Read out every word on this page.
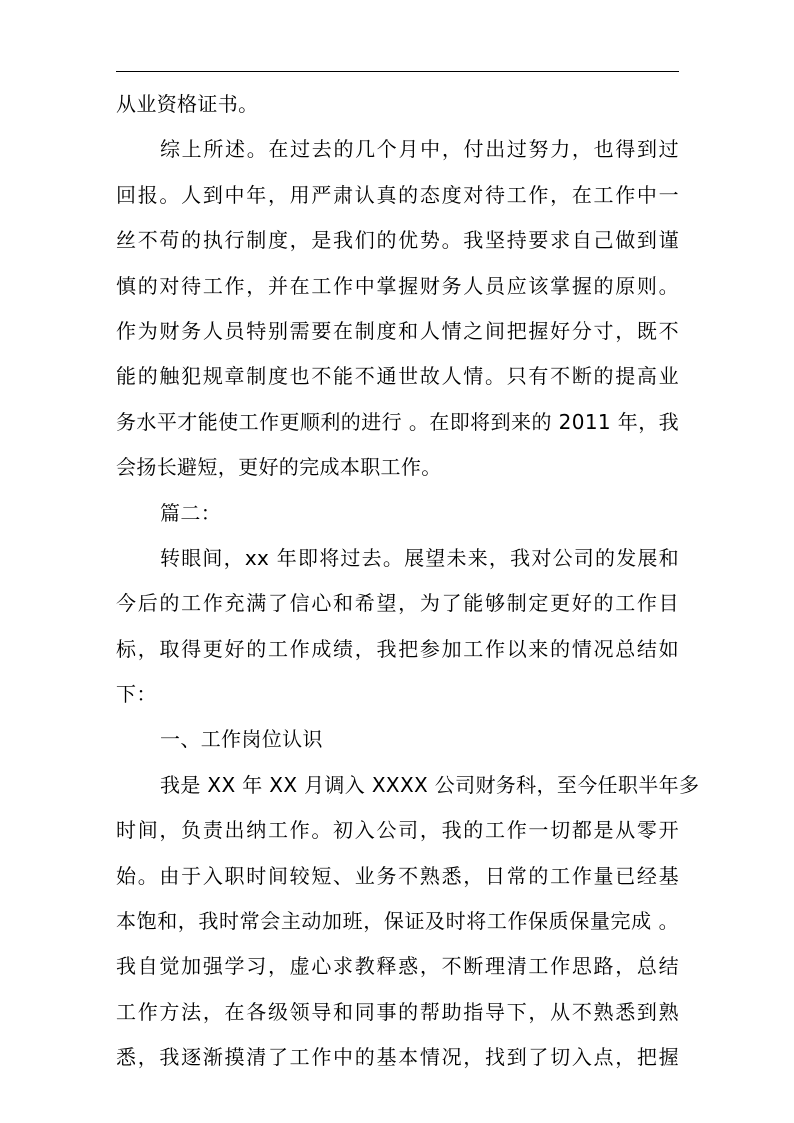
从业资格证书。
综上所述。在过去的几个月中，付出过努力，也得到过
回报。人到中年，用严肃认真的态度对待工作，在工作中一
丝不苟的执行制度，是我们的优势。我坚持要求自己做到谨
慎的对待工作，并在工作中掌握财务人员应该掌握的原则。
作为财务人员特别需要在制度和人情之间把握好分寸，既不
能的触犯规章制度也不能不通世故人情。只有不断的提高业
务水平才能使工作更顺利的进行 。在即将到来的 2011 年，我
会扬长避短，更好的完成本职工作。
篇二：
转眼间，xx 年即将过去。展望未来，我对公司的发展和
今后的工作充满了信心和希望，为了能够制定更好的工作目
标，取得更好的工作成绩，我把参加工作以来的情况总结如
下：
一、工作岗位认识
我是 XX 年 XX 月调入 XXXX 公司财务科，至今任职半年多
时间，负责出纳工作。初入公司，我的工作一切都是从零开
始。由于入职时间较短、业务不熟悉，日常的工作量已经基
本饱和，我时常会主动加班，保证及时将工作保质保量完成 。
我自觉加强学习，虚心求教释惑，不断理清工作思路，总结
工作方法，在各级领导和同事的帮助指导下，从不熟悉到熟
悉，我逐渐摸清了工作中的基本情况，找到了切入点，把握
